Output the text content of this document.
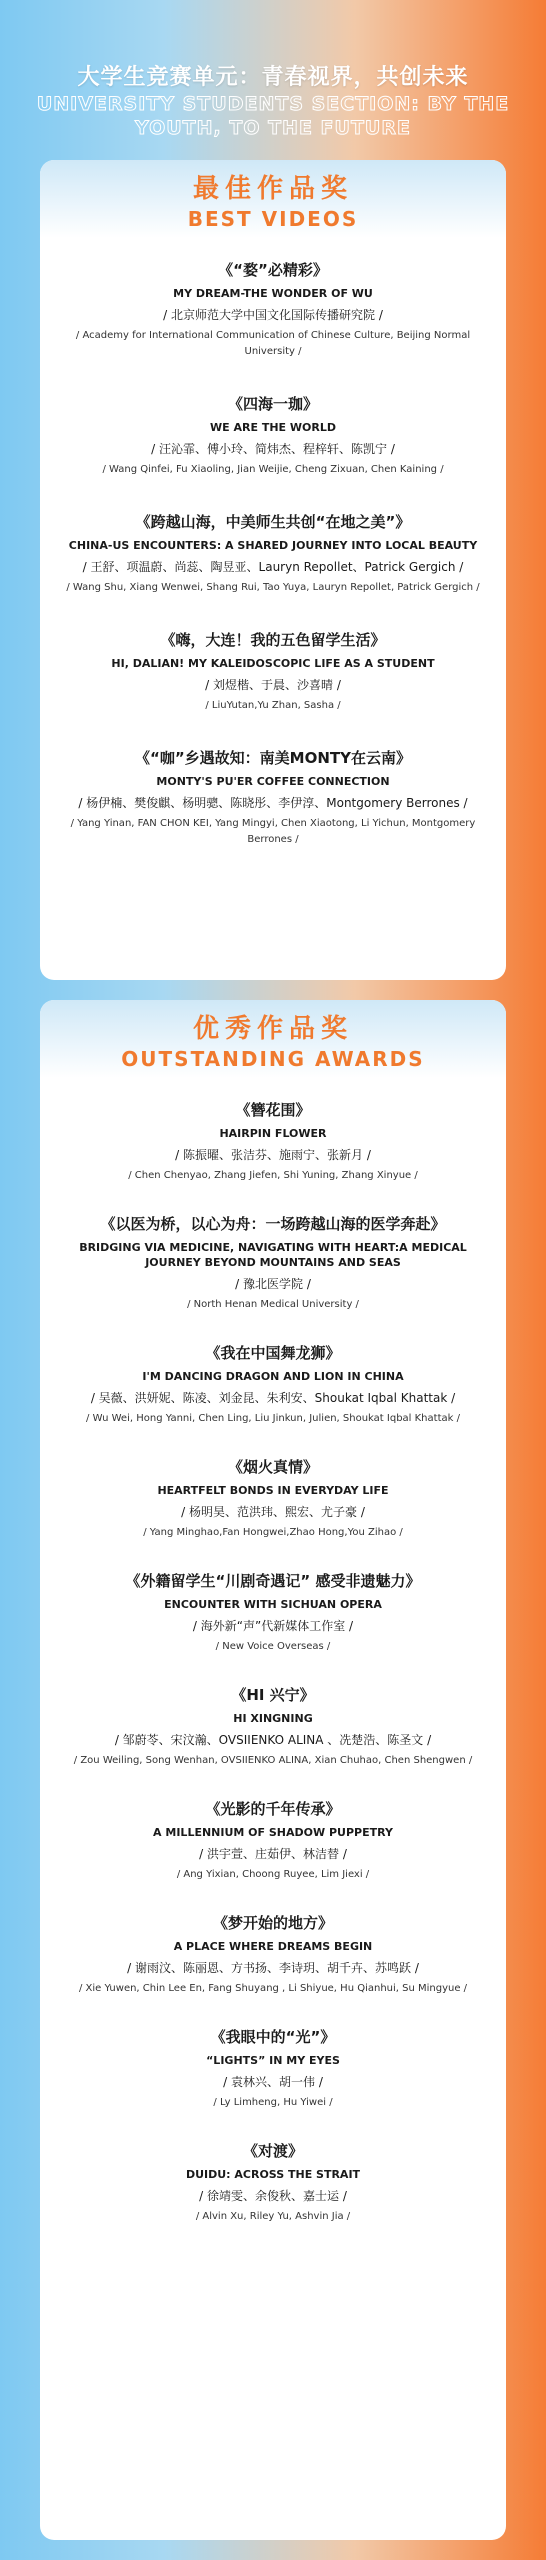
大学生竞赛单元：青春视界，共创未来
UNIVERSITY STUDENTS SECTION: BY THE YOUTH, TO THE FUTURE
最佳作品奖
BEST VIDEOS
《“婺”必精彩》
MY DREAM-THE WONDER OF WU
/ 北京师范大学中国文化国际传播研究院 /
/ Academy for International Communication of Chinese Culture, Beijing Normal University /
《四海一珈》
WE ARE THE WORLD
/ 汪沁霏、傅小玲、简炜杰、程梓轩、陈凯宁 /
/ Wang Qinfei, Fu Xiaoling, Jian Weijie, Cheng Zixuan, Chen Kaining /
《跨越山海，中美师生共创“在地之美”》
CHINA-US ENCOUNTERS: A SHARED JOURNEY INTO LOCAL BEAUTY
/ 王舒、项温蔚、尚蕊、陶昱亚、Lauryn Repollet、Patrick Gergich /
/ Wang Shu, Xiang Wenwei, Shang Rui, Tao Yuya, Lauryn Repollet, Patrick Gergich /
《嗨，大连！我的五色留学生活》
HI, DALIAN! MY KALEIDOSCOPIC LIFE AS A STUDENT
/ 刘煜楷、于晨、沙喜晴 /
/ LiuYutan,Yu Zhan, Sasha /
《“咖”乡遇故知：南美MONTY在云南》
MONTY'S PU'ER COFFEE CONNECTION
/ 杨伊楠、樊俊麒、杨明骢、陈晓彤、李伊淳、Montgomery Berrones /
/ Yang Yinan, FAN CHON KEI, Yang Mingyi, Chen Xiaotong, Li Yichun, Montgomery Berrones /
优秀作品奖
OUTSTANDING AWARDS
《簪花围》
HAIRPIN FLOWER
/ 陈振曜、张洁芬、施雨宁、张新月 /
/ Chen Chenyao, Zhang Jiefen, Shi Yuning, Zhang Xinyue /
《以医为桥，以心为舟：一场跨越山海的医学奔赴》
BRIDGING VIA MEDICINE, NAVIGATING WITH HEART:A MEDICAL JOURNEY BEYOND MOUNTAINS AND SEAS
/ 豫北医学院 /
/ North Henan Medical University /
《我在中国舞龙狮》
I'M DANCING DRAGON AND LION IN CHINA
/ 吴薇、洪妍妮、陈凌、刘金昆、朱利安、Shoukat Iqbal Khattak /
/ Wu Wei, Hong Yanni, Chen Ling, Liu Jinkun, Julien, Shoukat Iqbal Khattak /
《烟火真情》
HEARTFELT BONDS IN EVERYDAY LIFE
/ 杨明昊、范洪玮、熙宏、尤子豪 /
/ Yang Minghao,Fan Hongwei,Zhao Hong,You Zihao /
《外籍留学生“川剧奇遇记” 感受非遗魅力》
ENCOUNTER WITH SICHUAN OPERA
/ 海外新“声”代新媒体工作室 /
/ New Voice Overseas /
《HI 兴宁》
HI XINGNING
/ 邹蔚苓、宋汶瀚、OVSIIENKO ALINA 、冼楚浩、陈圣文 /
/ Zou Weiling, Song Wenhan, OVSIIENKO ALINA, Xian Chuhao, Chen Shengwen /
《光影的千年传承》
A MILLENNIUM OF SHADOW PUPPETRY
/ 洪宇萱、庄茹伊、林洁替 /
/ Ang Yixian, Choong Ruyee, Lim Jiexi /
《梦开始的地方》
A PLACE WHERE DREAMS BEGIN
/ 谢雨汶、陈丽恩、方书扬、李诗玥、胡千卉、苏鸣跃 /
/ Xie Yuwen, Chin Lee En, Fang Shuyang , Li Shiyue, Hu Qianhui, Su Mingyue /
《我眼中的“光”》
“LIGHTS” IN MY EYES
/ 袁林兴、胡一伟 /
/ Ly Limheng, Hu Yiwei /
《对渡》
DUIDU: ACROSS THE STRAIT
/ 徐靖雯、余俊秋、嘉士运 /
/ Alvin Xu, Riley Yu, Ashvin Jia /
